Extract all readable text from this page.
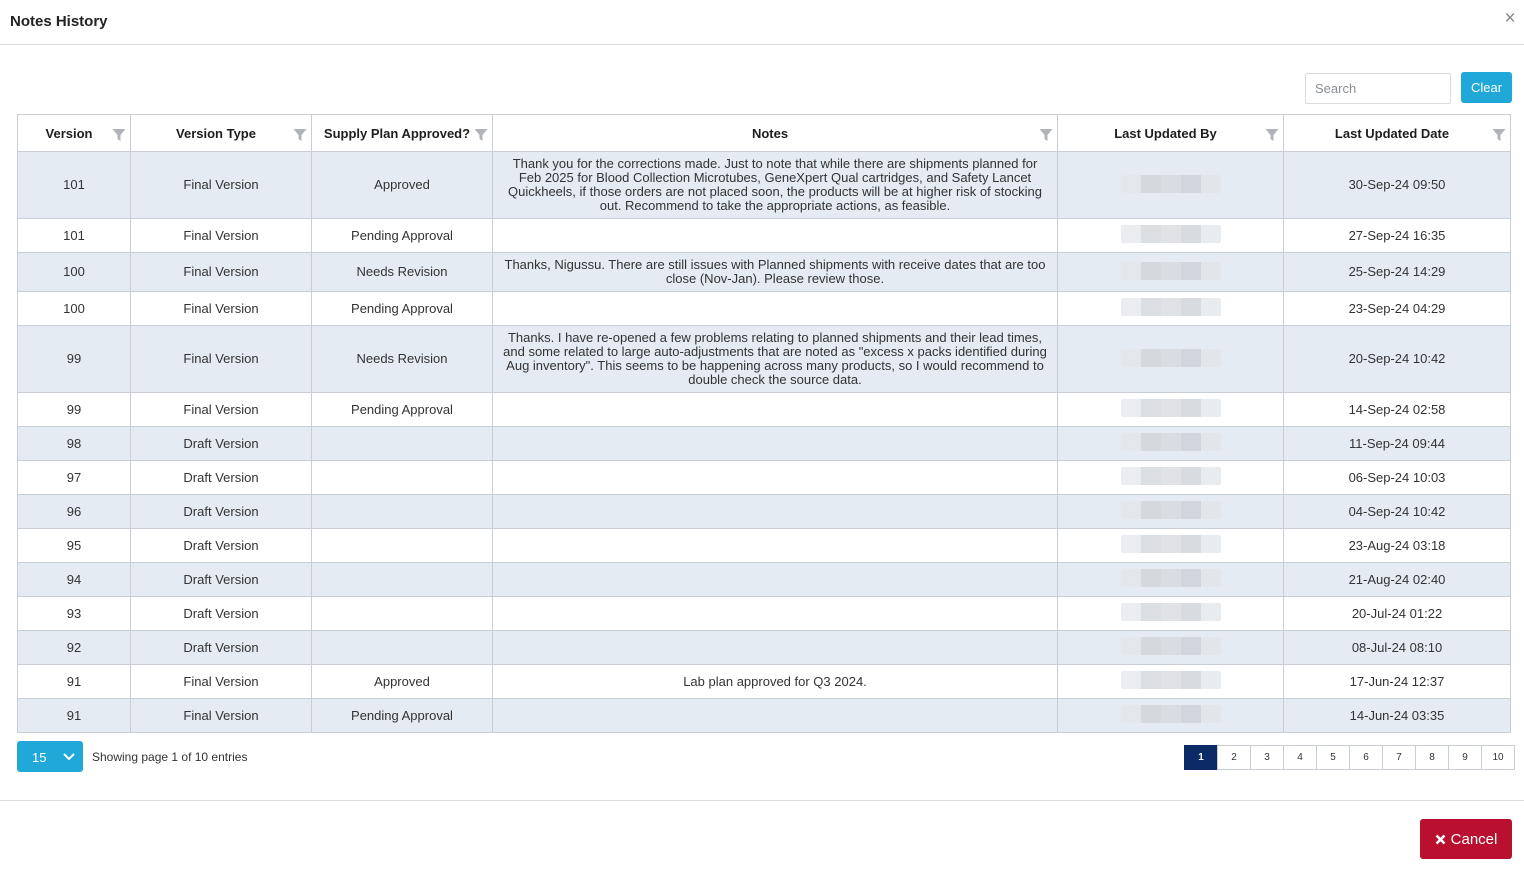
Notes History	×
Search
Clear
Version	Version Type	Supply Plan Approved?	Notes	Last Updated By	Last Updated Date

101	Final Version	Approved	Thank you for the corrections made. Just to note that while there are shipments planned for Feb 2025 for Blood Collection Microtubes, GeneXpert Qual cartridges, and Safety Lancet Quickheels, if those orders are not placed soon, the products will be at higher risk of stocking out. Recommend to take the appropriate actions, as feasible.		30-Sep-24 09:50
101	Final Version	Pending Approval			27-Sep-24 16:35
100	Final Version	Needs Revision	Thanks, Nigussu. There are still issues with Planned shipments with receive dates that are too close (Nov-Jan). Please review those.		25-Sep-24 14:29
100	Final Version	Pending Approval			23-Sep-24 04:29
99	Final Version	Needs Revision	Thanks. I have re-opened a few problems relating to planned shipments and their lead times, and some related to large auto-adjustments that are noted as "excess x packs identified during Aug inventory". This seems to be happening across many products, so I would recommend to double check the source data.		20-Sep-24 10:42
99	Final Version	Pending Approval			14-Sep-24 02:58
98	Draft Version				11-Sep-24 09:44
97	Draft Version				06-Sep-24 10:03
96	Draft Version				04-Sep-24 10:42
95	Draft Version				23-Aug-24 03:18
94	Draft Version				21-Aug-24 02:40
93	Draft Version				20-Jul-24 01:22
92	Draft Version				08-Jul-24 08:10
91	Final Version	Approved	Lab plan approved for Q3 2024.		17-Jun-24 12:37
91	Final Version	Pending Approval			14-Jun-24 03:35
15	Showing page 1 of 10 entries	1	2	3	4	5	6	7	8	9	10
Cancel
